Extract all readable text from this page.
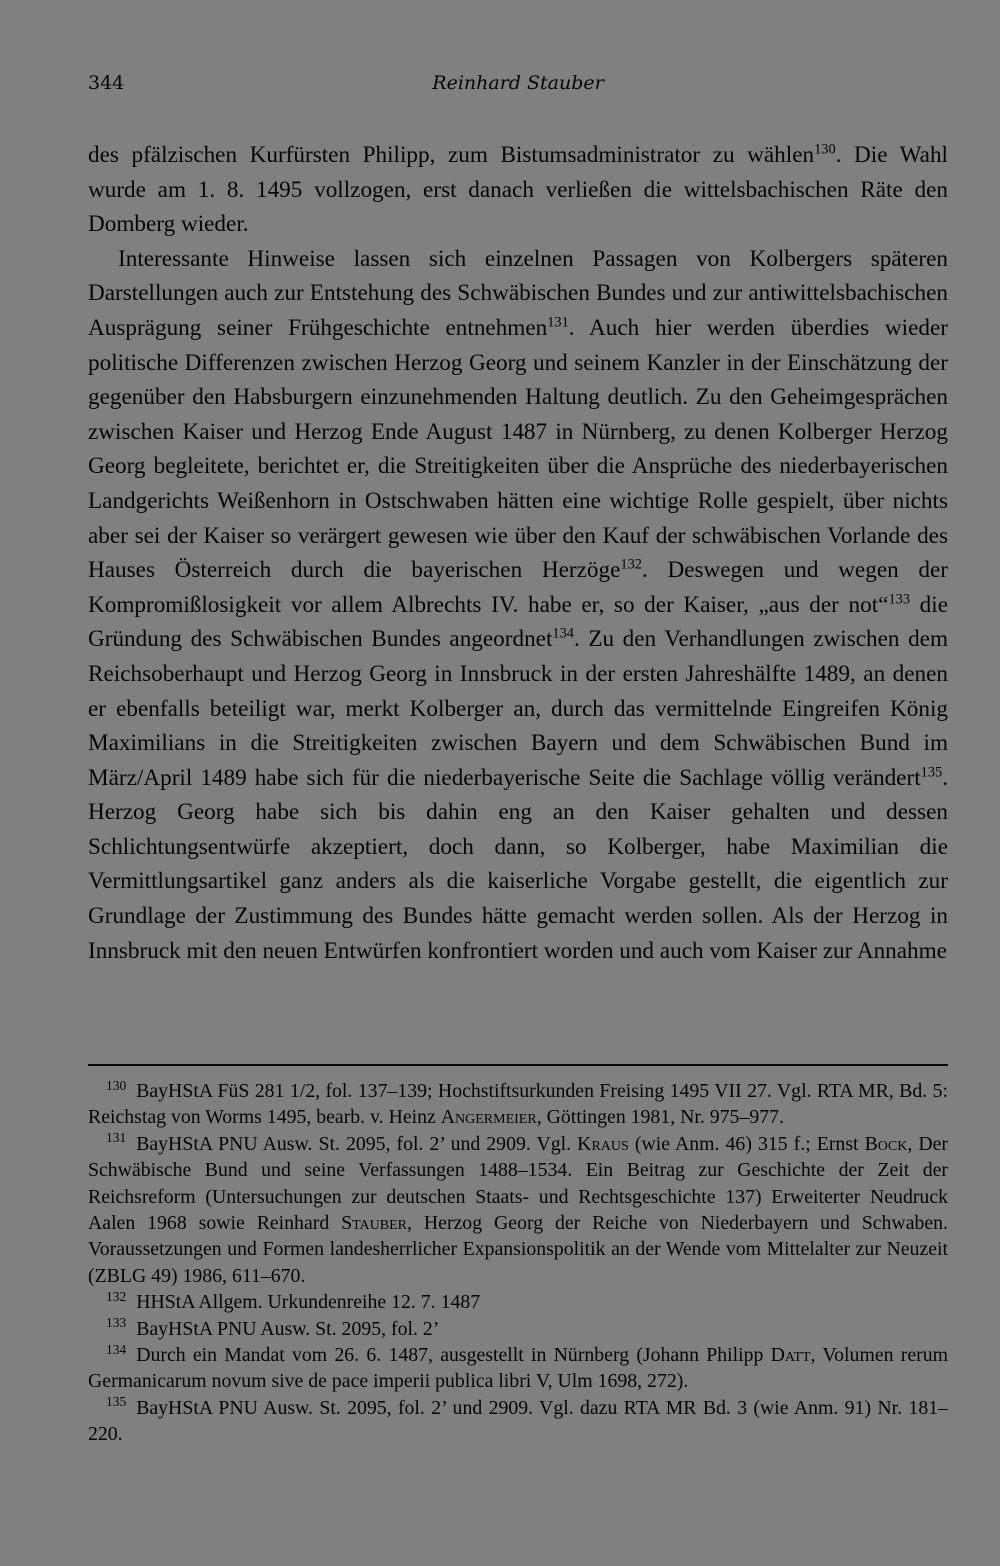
344	Reinhard Stauber

des pfälzischen Kurfürsten Philipp, zum Bistumsadministrator zu wählen$^{130}$. Die Wahl wurde am 1. 8. 1495 vollzogen, erst danach verließen die wittelsbachischen Räte den Domberg wieder.

Interessante Hinweise lassen sich einzelnen Passagen von Kolbergers späteren Darstellungen auch zur Entstehung des Schwäbischen Bundes und zur antiwittelsbachischen Ausprägung seiner Frühgeschichte entnehmen$^{131}$. Auch hier werden überdies wieder politische Differenzen zwischen Herzog Georg und seinem Kanzler in der Einschätzung der gegenüber den Habsburgern einzunehmenden Haltung deutlich. Zu den Geheimgesprächen zwischen Kaiser und Herzog Ende August 1487 in Nürnberg, zu denen Kolberger Herzog Georg begleitete, berichtet er, die Streitigkeiten über die Ansprüche des niederbayerischen Landgerichts Weißenhorn in Ostschwaben hätten eine wichtige Rolle gespielt, über nichts aber sei der Kaiser so verärgert gewesen wie über den Kauf der schwäbischen Vorlande des Hauses Österreich durch die bayerischen Herzöge$^{132}$. Deswegen und wegen der Kompromißlosigkeit vor allem Albrechts IV. habe er, so der Kaiser, „aus der not“$^{133}$ die Gründung des Schwäbischen Bundes angeordnet$^{134}$. Zu den Verhandlungen zwischen dem Reichsoberhaupt und Herzog Georg in Innsbruck in der ersten Jahreshälfte 1489, an denen er ebenfalls beteiligt war, merkt Kolberger an, durch das vermittelnde Eingreifen König Maximilians in die Streitigkeiten zwischen Bayern und dem Schwäbischen Bund im März/April 1489 habe sich für die niederbayerische Seite die Sachlage völlig verändert$^{135}$. Herzog Georg habe sich bis dahin eng an den Kaiser gehalten und dessen Schlichtungsentwürfe akzeptiert, doch dann, so Kolberger, habe Maximilian die Vermittlungsartikel ganz anders als die kaiserliche Vorgabe gestellt, die eigentlich zur Grundlage der Zustimmung des Bundes hätte gemacht werden sollen. Als der Herzog in Innsbruck mit den neuen Entwürfen konfrontiert worden und auch vom Kaiser zur Annahme

$^{130}$ BayHStA FüS 281 1/2, fol. 137–139; Hochstiftsurkunden Freising 1495 VII 27. Vgl. RTA MR, Bd. 5: Reichstag von Worms 1495, bearb. v. Heinz Angermeier, Göttingen 1981, Nr. 975–977.

$^{131}$ BayHStA PNU Ausw. St. 2095, fol. 2’ und 2909. Vgl. Kraus (wie Anm. 46) 315 f.; Ernst Bock, Der Schwäbische Bund und seine Verfassungen 1488–1534. Ein Beitrag zur Geschichte der Zeit der Reichsreform (Untersuchungen zur deutschen Staats- und Rechtsgeschichte 137) Erweiterter Neudruck Aalen 1968 sowie Reinhard Stauber, Herzog Georg der Reiche von Niederbayern und Schwaben. Voraussetzungen und Formen landesherrlicher Expansionspolitik an der Wende vom Mittelalter zur Neuzeit (ZBLG 49) 1986, 611–670.

$^{132}$ HHStA Allgem. Urkundenreihe 12. 7. 1487

$^{133}$ BayHStA PNU Ausw. St. 2095, fol. 2’

$^{134}$ Durch ein Mandat vom 26. 6. 1487, ausgestellt in Nürnberg (Johann Philipp Datt, Volumen rerum Germanicarum novum sive de pace imperii publica libri V, Ulm 1698, 272).

$^{135}$ BayHStA PNU Ausw. St. 2095, fol. 2’ und 2909. Vgl. dazu RTA MR Bd. 3 (wie Anm. 91) Nr. 181–220.
